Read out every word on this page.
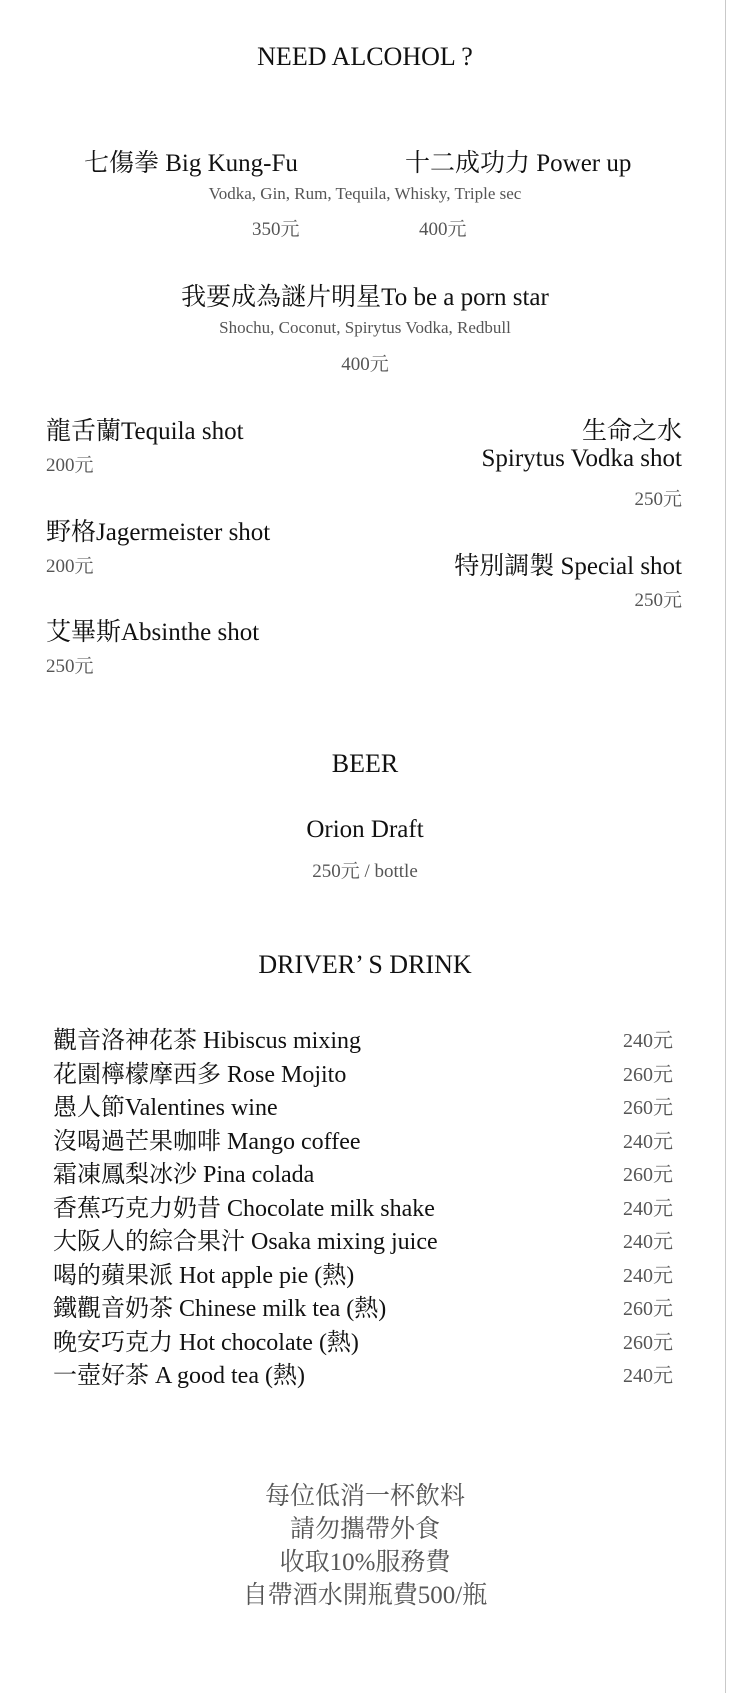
NEED ALCOHOL ?
七傷拳 Big Kung-Fu	十二成功力 Power up
Vodka, Gin, Rum, Tequila, Whisky, Triple sec
350元	400元
我要成為謎片明星To be a porn star
Shochu, Coconut, Spirytus Vodka, Redbull
400元
龍舌蘭Tequila shot
200元
野格Jagermeister shot
200元
艾畢斯Absinthe shot
250元
生命之水
Spirytus Vodka shot
250元
特別調製 Special shot
250元
BEER
Orion Draft
250元 / bottle
DRIVER’ S DRINK
觀音洛神花茶 Hibiscus mixing	240元
花園檸檬摩西多 Rose Mojito	260元
愚人節Valentines wine	260元
沒喝過芒果咖啡 Mango coffee	240元
霜凍鳳梨冰沙 Pina colada	260元
香蕉巧克力奶昔 Chocolate milk shake	240元
大阪人的綜合果汁 Osaka mixing juice	240元
喝的蘋果派 Hot apple pie (熱)	240元
鐵觀音奶茶 Chinese milk tea (熱)	260元
晚安巧克力 Hot chocolate (熱)	260元
一壺好茶 A good tea (熱)	240元
每位低消一杯飲料
請勿攜帶外食
收取10%服務費
自帶酒水開瓶費500/瓶
